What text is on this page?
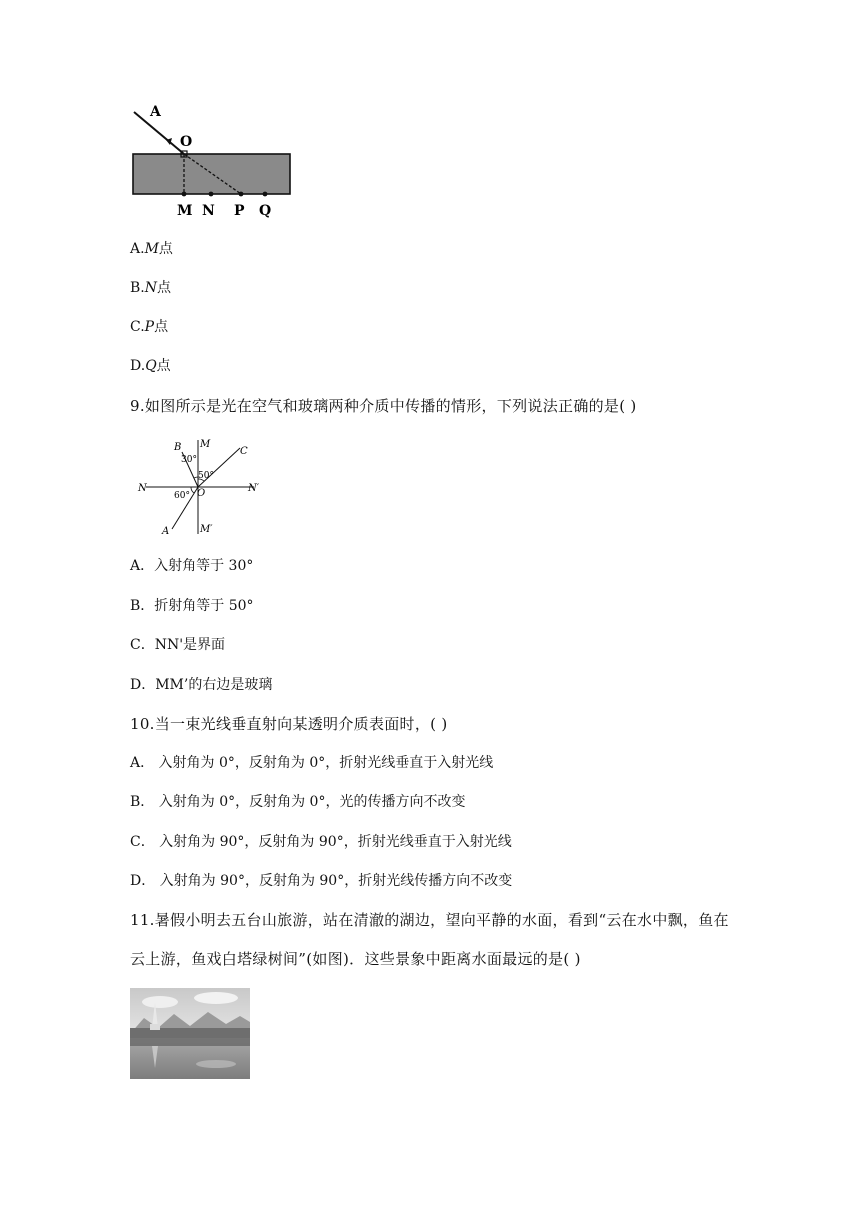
A
O
M N P Q
A.M点
B.N点
C.P点
D.Q点
9.如图所示是光在空气和玻璃两种介质中传播的情形，下列说法正确的是( )
B M
C
N	N′
O
A	M′
30°
50°
60°
A．入射角等于 30°
B．折射角等于 50°
C．NN'是界面
D．MM’的右边是玻璃
10.当一束光线垂直射向某透明介质表面时，( )
A． 入射角为 0°，反射角为 0°，折射光线垂直于入射光线
B． 入射角为 0°，反射角为 0°，光的传播方向不改变
C． 入射角为 90°，反射角为 90°，折射光线垂直于入射光线
D． 入射角为 90°，反射角为 90°，折射光线传播方向不改变
11.暑假小明去五台山旅游，站在清澈的湖边，望向平静的水面，看到“云在水中飘，鱼在
云上游，鱼戏白塔绿树间”(如图)．这些景象中距离水面最远的是( )
